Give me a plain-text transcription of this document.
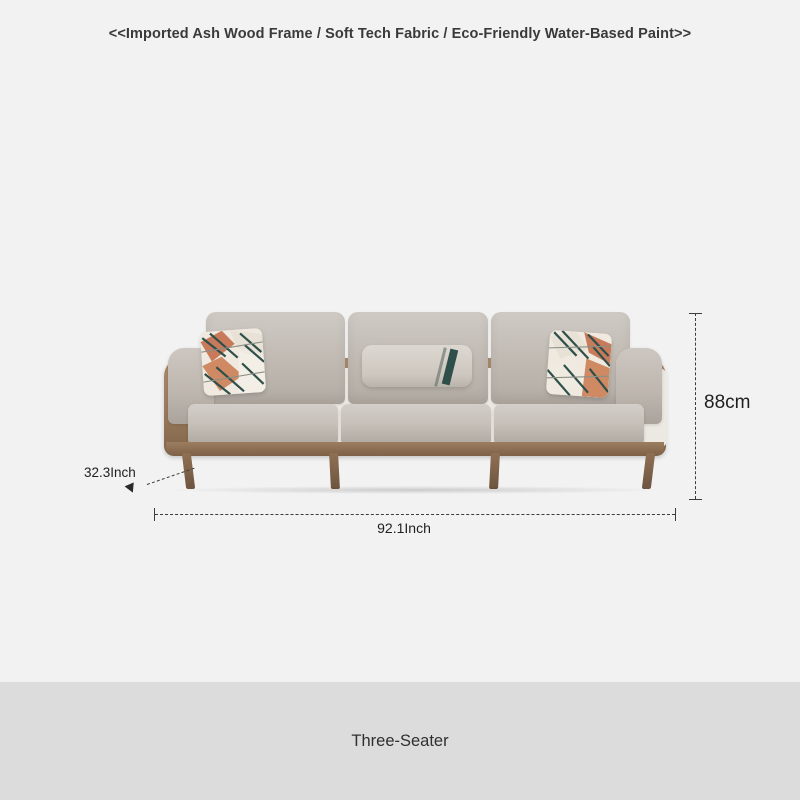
<<Imported Ash Wood Frame / Soft Tech Fabric / Eco-Friendly Water-Based Paint>>
88cm
92.1Inch
32.3Inch
Three-Seater
